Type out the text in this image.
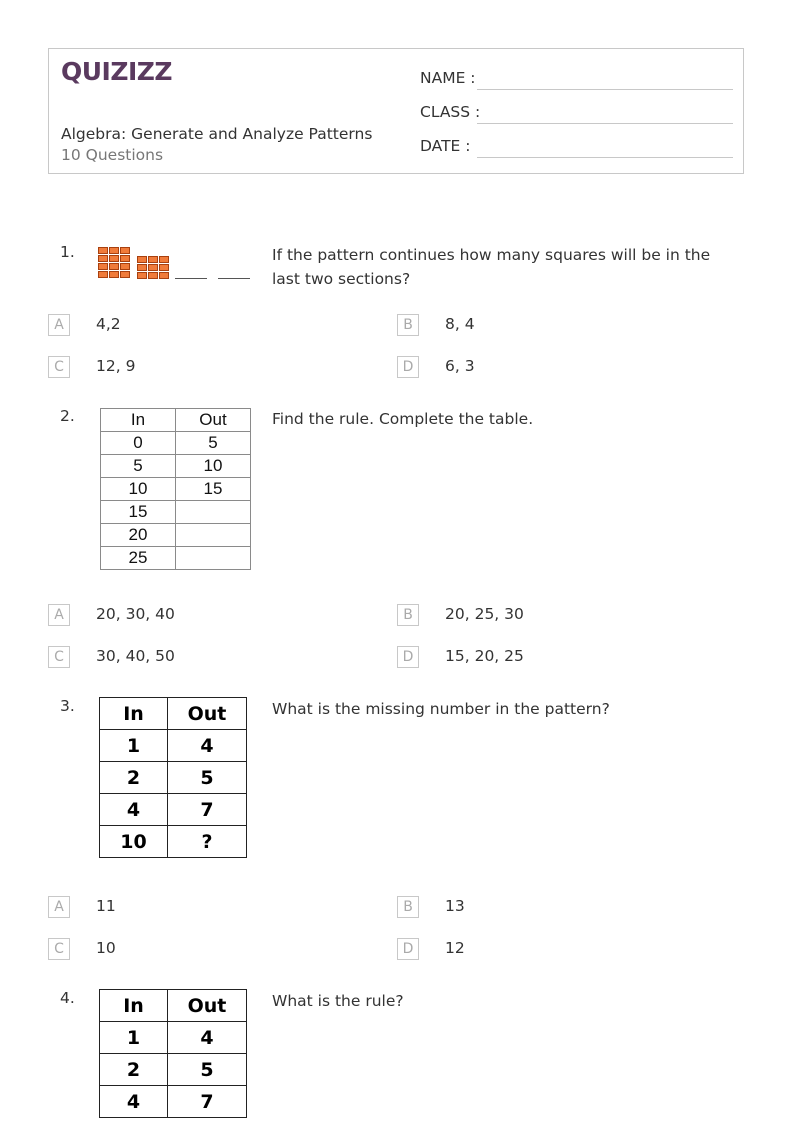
QUIZIZZ
Algebra: Generate and Analyze Patterns
10 Questions
NAME :
CLASS :
DATE :
1.	If the pattern continues how many squares will be in the last two sections?
A	4,2	B	8, 4
C	12, 9	D	6, 3
2.	Find the rule. Complete the table.
In	Out
0	5
5	10
10	15
15	
20	
25	
A	20, 30, 40	B	20, 25, 30
C	30, 40, 50	D	15, 20, 25
3.	What is the missing number in the pattern?
In	Out
1	4
2	5
4	7
10	?
A	11	B	13
C	10	D	12
4.	What is the rule?
In	Out
1	4
2	5
4	7
